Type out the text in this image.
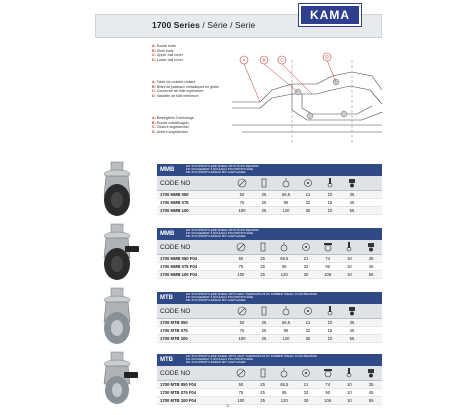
1700 Series / Série / Serie
KAMA
A: Swivel bolts
B: Steel balls
C: Upper ball cover
D: Lower ball cover
A: Table de roulette roulant
B: Billes de plateaux métalliques en globe
C: Couvercle de bille supérieure
D: Vasselle de bille inférieure
A: Bewegliche Drehzange
B: Runde metallkugeln
C: Obsere kugeldeckel
D: Untere kugeldeckel
A	B	C
D
MMB
EN: POLYPROPYLENE WHEEL WITH PLAIN BEARING
FR: ROULEMENT À ROULEAU POLYPROPYLÈNE
DE: POLYPROPYLENRAD MIT GLEITLAGER
CODE NO
1700 MMB 050	50	25	68,5	21	10	35
1700 MMB 075	75	25	95	32	15	45
1700 MMB 100	100	25	120	30	10	55
MMB
EN: POLYPROPYLENE WHEEL WITH PLAIN BEARING
FR: ROULEMENT À ROULEAU POLYPROPYLÈNE
DE: POLYPROPYLENRAD MIT GLEITLAGER
CODE NO
1700 MMB 050 F04	50	25	68,5	21	74	10	35
1700 MMB 075 F04	75	25	95	32	90	10	45
1700 MMB 100 F04	100	25	120	30	106	10	55
MTB
EN: POLYPROPYLENE WHEEL WITH GRAY THERMOPLASTIC RUBBER TREAD, PLAIN BEARING
FR: ROULEMENT À ROULEAU POLYPROPYLÈNE
DE: POLYPROPYLENRAD MIT GLEITLAGER
CODE NO
1700 MTB 050	50	25	68,5	21	10	35
1700 MTB 075	75	25	95	32	15	45
1700 MTB 100	100	25	120	30	10	55
MTB
EN: POLYPROPYLENE WHEEL WITH GRAY THERMOPLASTIC RUBBER TREAD, PLAIN BEARING
FR: ROULEMENT À ROULEAU POLYPROPYLÈNE
DE: POLYPROPYLENRAD MIT GLEITLAGER
CODE NO
1700 MTB 050 F04	50	25	68,5	21	74	10	35
1700 MTB 075 F04	75	25	95	32	90	10	45
1700 MTB 100 F04	100	25	120	30	106	10	55
11
